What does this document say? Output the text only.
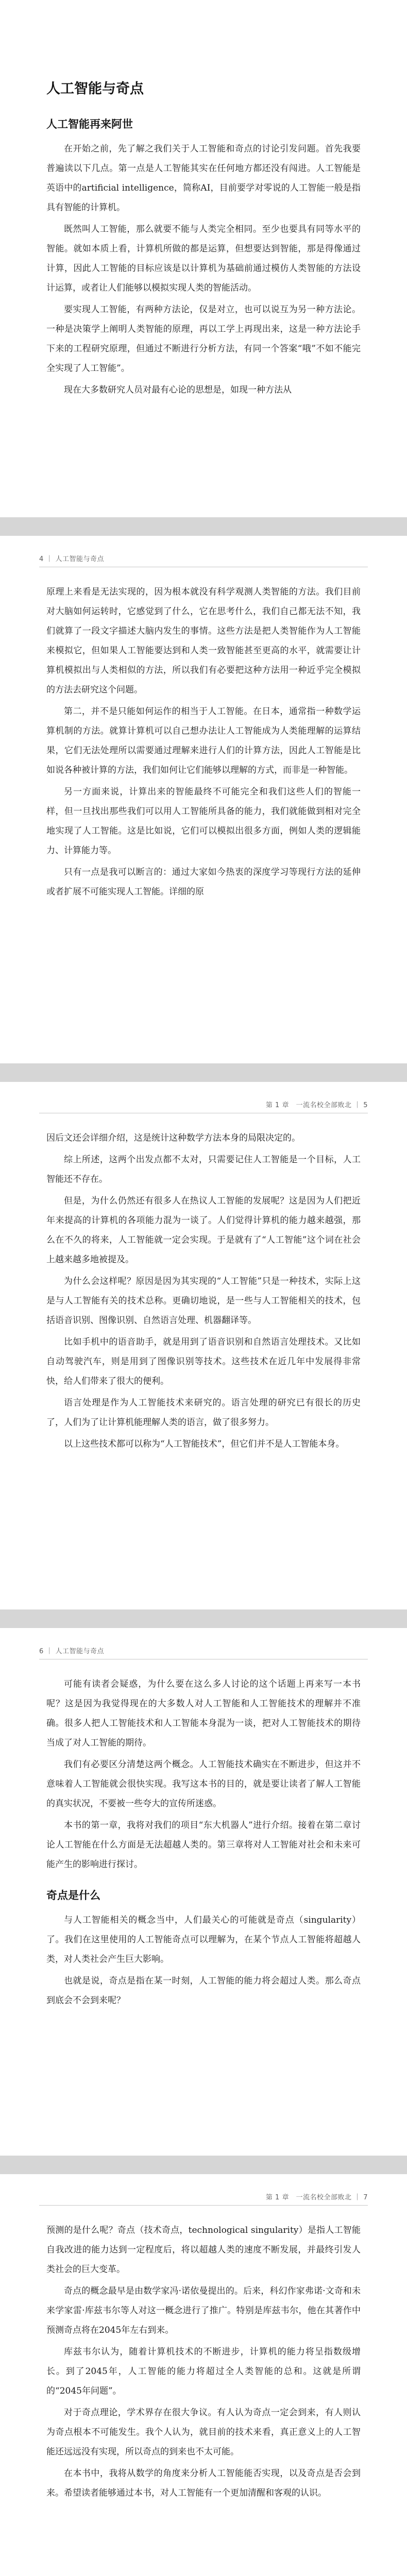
人工智能与奇点
人工智能再来阿世

在开始之前，先了解之我们关于人工智能和奇点的讨论引发问题。首先我要普遍读以下几点。第一点是人工智能其实在任何地方都还没有闯进。人工智能是英语中的artificial intelligence，简称AI，目前要学对零说的人工智能一般是指具有智能的计算机。

既然叫人工智能，那么就要不能与人类完全相同。至少也要具有同等水平的智能。就如本质上看，计算机所做的都是运算，但想要达到智能，那是得像通过计算，因此人工智能的目标应该是以计算机为基础前通过模仿人类智能的方法设计运算，或者让人们能够以模拟实现人类的智能活动。

要实现人工智能，有两种方法论，仅是对立，也可以说互为另一种方法论。一种是决策学上阐明人类智能的原理，再以工学上再现出来，这是一种方法论手下来的工程研究原理，但通过不断进行分析方法，有同一个答案“哦”不如不能完全实现了人工智能”。

现在大多数研究人员对最有心论的思想是，如现一种方法从

4 ｜ 人工智能与奇点

原理上来看是无法实现的，因为根本就没有科学观测人类智能的方法。我们目前对大脑如何运转时，它感觉到了什么，它在思考什么，我们自己都无法不知，我们就算了一段文字描述大脑内发生的事情。这些方法是把人类智能作为人工智能来模拟它，但如果人工智能要达到和人类一致智能甚至更高的水平，就需要让计算机模拟出与人类相似的方法，所以我们有必要把这种方法用一种近乎完全模拟的方法去研究这个问题。

第二，并不是只能如何运作的相当于人工智能。在日本，通常指一种数学运算机制的方法。就算计算机可以自己想办法让人工智能成为人类能理解的运算结果，它们无法处理所以需要通过理解来进行人们的计算方法，因此人工智能是比如说各种被计算的方法，我们如何让它们能够以理解的方式，而非是一种智能。

另一方面来说，计算出来的智能最终不可能完全和我们这些人们的智能一样，但一旦找出那些我们可以用人工智能所具备的能力，我们就能做到相对完全地实现了人工智能。这是比如说，它们可以模拟出很多方面，例如人类的逻辑能力、计算能力等。

只有一点是我可以断言的：通过大家如今热衷的深度学习等现行方法的延伸或者扩展不可能实现人工智能。详细的原

第 1 章　一流名校全部败北 ｜ 5

因后文还会详细介绍，这是统计这种数学方法本身的局限决定的。

综上所述，这两个出发点都不太对，只需要记住人工智能是一个目标，人工智能还不存在。

但是，为什么仍然还有很多人在热议人工智能的发展呢？这是因为人们把近年来提高的计算机的各项能力混为一谈了。人们觉得计算机的能力越来越强，那么在不久的将来，人工智能就一定会实现。于是就有了“人工智能”这个词在社会上越来越多地被提及。

为什么会这样呢？原因是因为其实现的“人工智能”只是一种技术，实际上这是与人工智能有关的技术总称。更确切地说，是一些与人工智能相关的技术，包括语音识别、图像识别、自然语言处理、机器翻译等。

比如手机中的语音助手，就是用到了语音识别和自然语言处理技术。又比如自动驾驶汽车，则是用到了图像识别等技术。这些技术在近几年中发展得非常快，给人们带来了很大的便利。

语言处理是作为人工智能技术来研究的。语言处理的研究已有很长的历史了，人们为了让计算机能理解人类的语言，做了很多努力。

以上这些技术都可以称为“人工智能技术”，但它们并不是人工智能本身。

6 ｜ 人工智能与奇点

可能有读者会疑惑，为什么要在这么多人讨论的这个话题上再来写一本书呢？这是因为我觉得现在的大多数人对人工智能和人工智能技术的理解并不准确。很多人把人工智能技术和人工智能本身混为一谈，把对人工智能技术的期待当成了对人工智能的期待。

我们有必要区分清楚这两个概念。人工智能技术确实在不断进步，但这并不意味着人工智能就会很快实现。我写这本书的目的，就是要让读者了解人工智能的真实状况，不要被一些夸大的宣传所迷惑。

本书的第一章，我将对我们的项目“东大机器人”进行介绍。接着在第二章讨论人工智能在什么方面是无法超越人类的。第三章将对人工智能对社会和未来可能产生的影响进行探讨。

奇点是什么

与人工智能相关的概念当中，人们最关心的可能就是奇点（singularity）了。我们在这里使用的人工智能奇点可以理解为，在某个节点人工智能将超越人类，对人类社会产生巨大影响。

也就是说，奇点是指在某一时刻，人工智能的能力将会超过人类。那么奇点到底会不会到来呢？

第 1 章　一流名校全部败北 ｜ 7

预测的是什么呢？奇点（技术奇点，technological singularity）是指人工智能自我改进的能力达到一定程度后，将以超越人类的速度不断发展，并最终引发人类社会的巨大变革。

奇点的概念最早是由数学家冯·诺依曼提出的。后来，科幻作家弗诺·文奇和未来学家雷·库兹韦尔等人对这一概念进行了推广。特别是库兹韦尔，他在其著作中预测奇点将在2045年左右到来。

库兹韦尔认为，随着计算机技术的不断进步，计算机的能力将呈指数级增长。到了2045年，人工智能的能力将超过全人类智能的总和。这就是所谓的“2045年问题”。

对于奇点理论，学术界存在很大争议。有人认为奇点一定会到来，有人则认为奇点根本不可能发生。我个人认为，就目前的技术来看，真正意义上的人工智能还远远没有实现，所以奇点的到来也不太可能。

在本书中，我将从数学的角度来分析人工智能能否实现，以及奇点是否会到来。希望读者能够通过本书，对人工智能有一个更加清醒和客观的认识。
